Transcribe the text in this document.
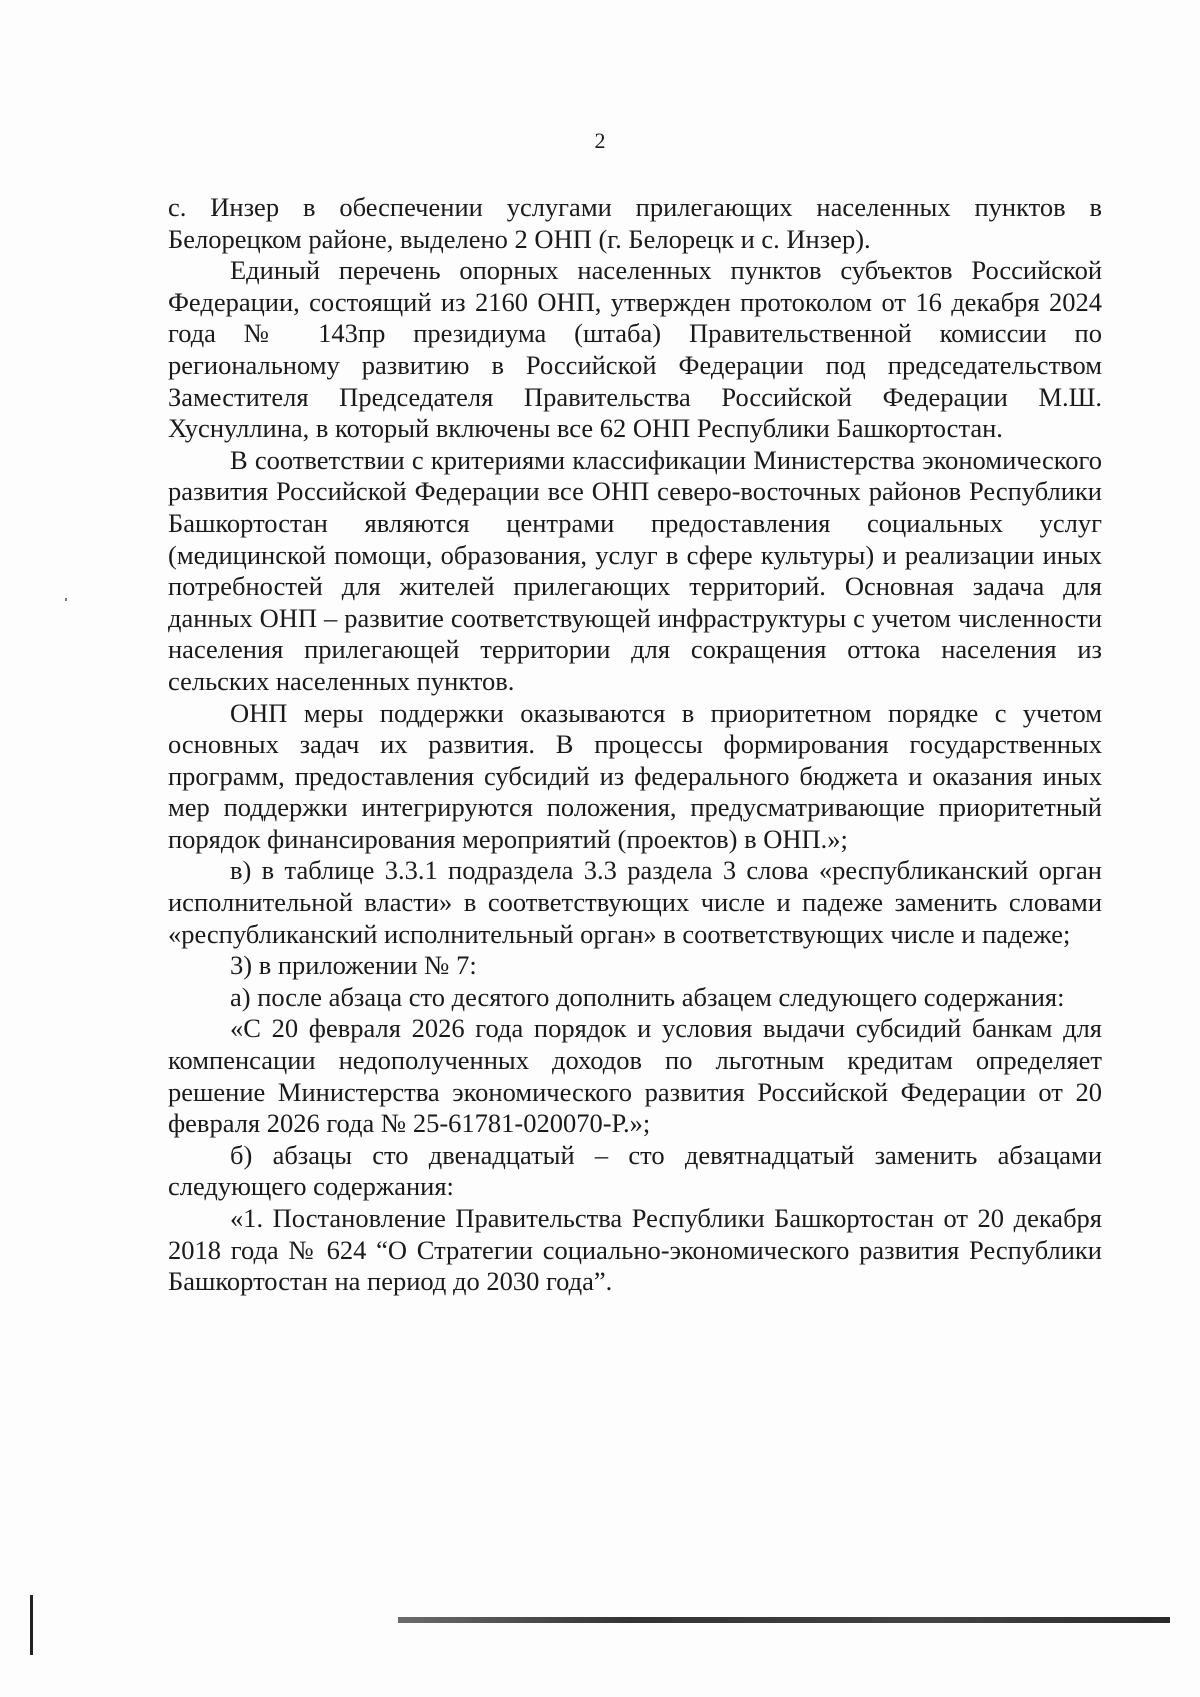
2

с. Инзер в обеспечении услугами прилегающих населенных пунктов в Белорецком районе, выделено 2 ОНП (г. Белорецк и с. Инзер).

Единый перечень опорных населенных пунктов субъектов Российской Федерации, состоящий из 2160 ОНП, утвержден протоколом от 16 декабря 2024 года № 143пр президиума (штаба) Правительственной комиссии по региональному развитию в Российской Федерации под председательством Заместителя Председателя Правительства Российской Федерации М.Ш. Хуснуллина, в который включены все 62 ОНП Республики Башкортостан.

В соответствии с критериями классификации Министерства экономического развития Российской Федерации все ОНП северо-восточных районов Республики Башкортостан являются центрами предоставления социальных услуг (медицинской помощи, образования, услуг в сфере культуры) и реализации иных потребностей для жителей прилегающих территорий. Основная задача для данных ОНП – развитие соответствующей инфраструктуры с учетом численности населения прилегающей территории для сокращения оттока населения из сельских населенных пунктов.

ОНП меры поддержки оказываются в приоритетном порядке с учетом основных задач их развития. В процессы формирования государственных программ, предоставления субсидий из федерального бюджета и оказания иных мер поддержки интегрируются положения, предусматривающие приоритетный порядок финансирования мероприятий (проектов) в ОНП.»;

в) в таблице 3.3.1 подраздела 3.3 раздела 3 слова «республиканский орган исполнительной власти» в соответствующих числе и падеже заменить словами «республиканский исполнительный орган» в соответствующих числе и падеже;

3) в приложении № 7:

а) после абзаца сто десятого дополнить абзацем следующего содержания:

«С 20 февраля 2026 года порядок и условия выдачи субсидий банкам для компенсации недополученных доходов по льготным кредитам определяет решение Министерства экономического развития Российской Федерации от 20 февраля 2026 года № 25-61781-020070-Р.»;

б) абзацы сто двенадцатый – сто девятнадцатый заменить абзацами следующего содержания:

«1. Постановление Правительства Республики Башкортостан от 20 декабря 2018 года № 624 “О Стратегии социально-экономического развития Республики Башкортостан на период до 2030 года”.
